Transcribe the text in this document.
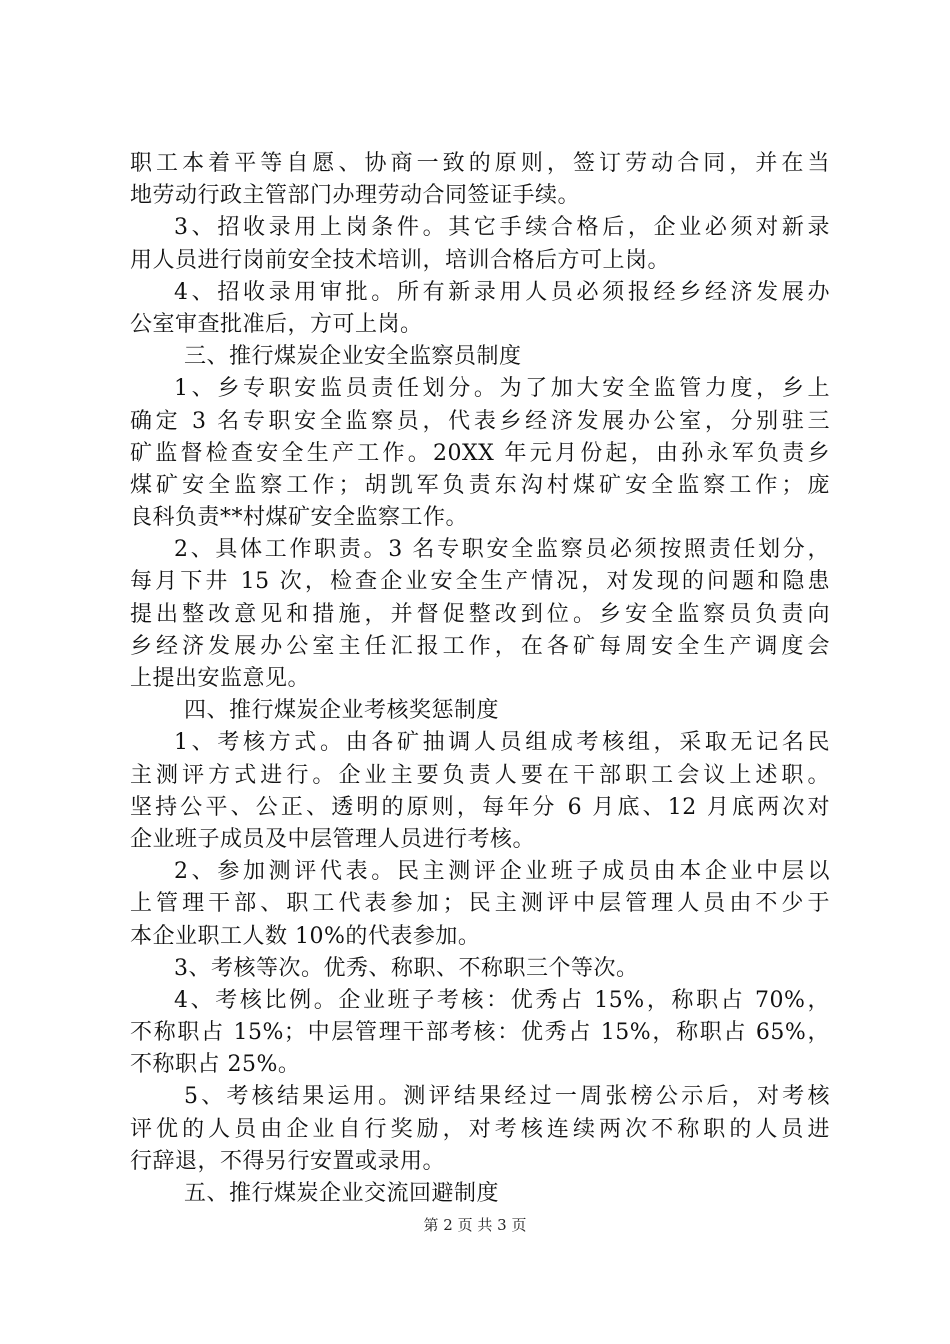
职工本着平等自愿、协商一致的原则，签订劳动合同，并在当
地劳动行政主管部门办理劳动合同签证手续。
3、招收录用上岗条件。其它手续合格后，企业必须对新录
用人员进行岗前安全技术培训，培训合格后方可上岗。
4、招收录用审批。所有新录用人员必须报经乡经济发展办
公室审查批准后，方可上岗。
三、推行煤炭企业安全监察员制度
1、乡专职安监员责任划分。为了加大安全监管力度，乡上
确定 3 名专职安全监察员，代表乡经济发展办公室，分别驻三
矿监督检查安全生产工作。20XX 年元月份起，由孙永军负责乡
煤矿安全监察工作；胡凯军负责东沟村煤矿安全监察工作；庞
良科负责**村煤矿安全监察工作。
2、具体工作职责。3 名专职安全监察员必须按照责任划分，
每月下井 15 次，检查企业安全生产情况，对发现的问题和隐患
提出整改意见和措施，并督促整改到位。乡安全监察员负责向
乡经济发展办公室主任汇报工作，在各矿每周安全生产调度会
上提出安监意见。
四、推行煤炭企业考核奖惩制度
1、考核方式。由各矿抽调人员组成考核组，采取无记名民
主测评方式进行。企业主要负责人要在干部职工会议上述职。
坚持公平、公正、透明的原则，每年分 6 月底、12 月底两次对
企业班子成员及中层管理人员进行考核。
2、参加测评代表。民主测评企业班子成员由本企业中层以
上管理干部、职工代表参加；民主测评中层管理人员由不少于
本企业职工人数 10%的代表参加。
3、考核等次。优秀、称职、不称职三个等次。
4、考核比例。企业班子考核：优秀占 15%，称职占 70%，
不称职占 15%；中层管理干部考核：优秀占 15%，称职占 65%，
不称职占 25%。
5、考核结果运用。测评结果经过一周张榜公示后，对考核
评优的人员由企业自行奖励，对考核连续两次不称职的人员进
行辞退，不得另行安置或录用。
五、推行煤炭企业交流回避制度
第 2 页 共 3 页
